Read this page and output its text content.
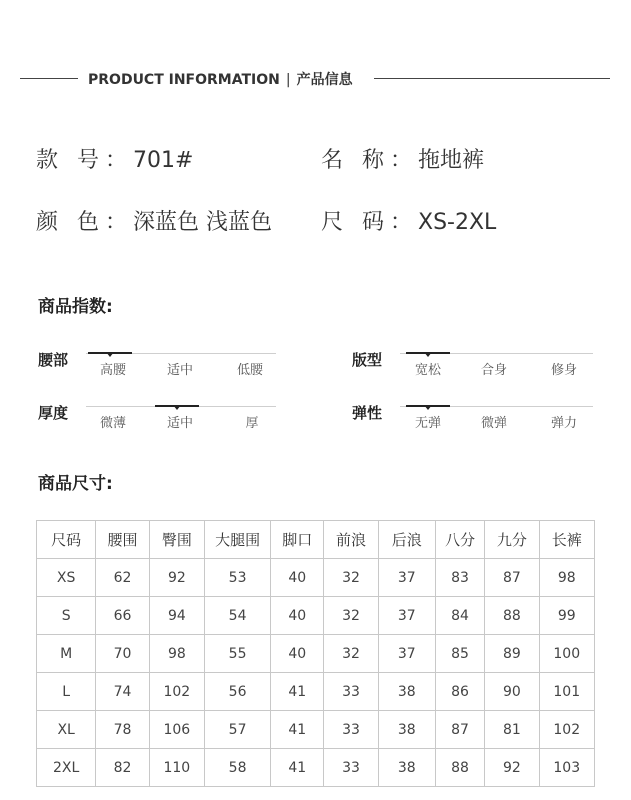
PRODUCT INFORMATION | 产品信息
款 号：701#	名 称：拖地裤
颜 色：深蓝色 浅蓝色 尺 码：XS-2XL
商品指数:
腰部
高腰	适中	低腰
版型
宽松	合身	修身
厚度
微薄	适中	厚
弹性
无弹	微弹	弹力
商品尺寸:
尺码	腰围	臀围	大腿围	脚口	前浪	后浪	八分	九分	长裤
XS	62	92	53	40	32	37	83	87	98
S	66	94	54	40	32	37	84	88	99
M	70	98	55	40	32	37	85	89	100
L	74	102	56	41	33	38	86	90	101
XL	78	106	57	41	33	38	87	81	102
2XL	82	110	58	41	33	38	88	92	103
